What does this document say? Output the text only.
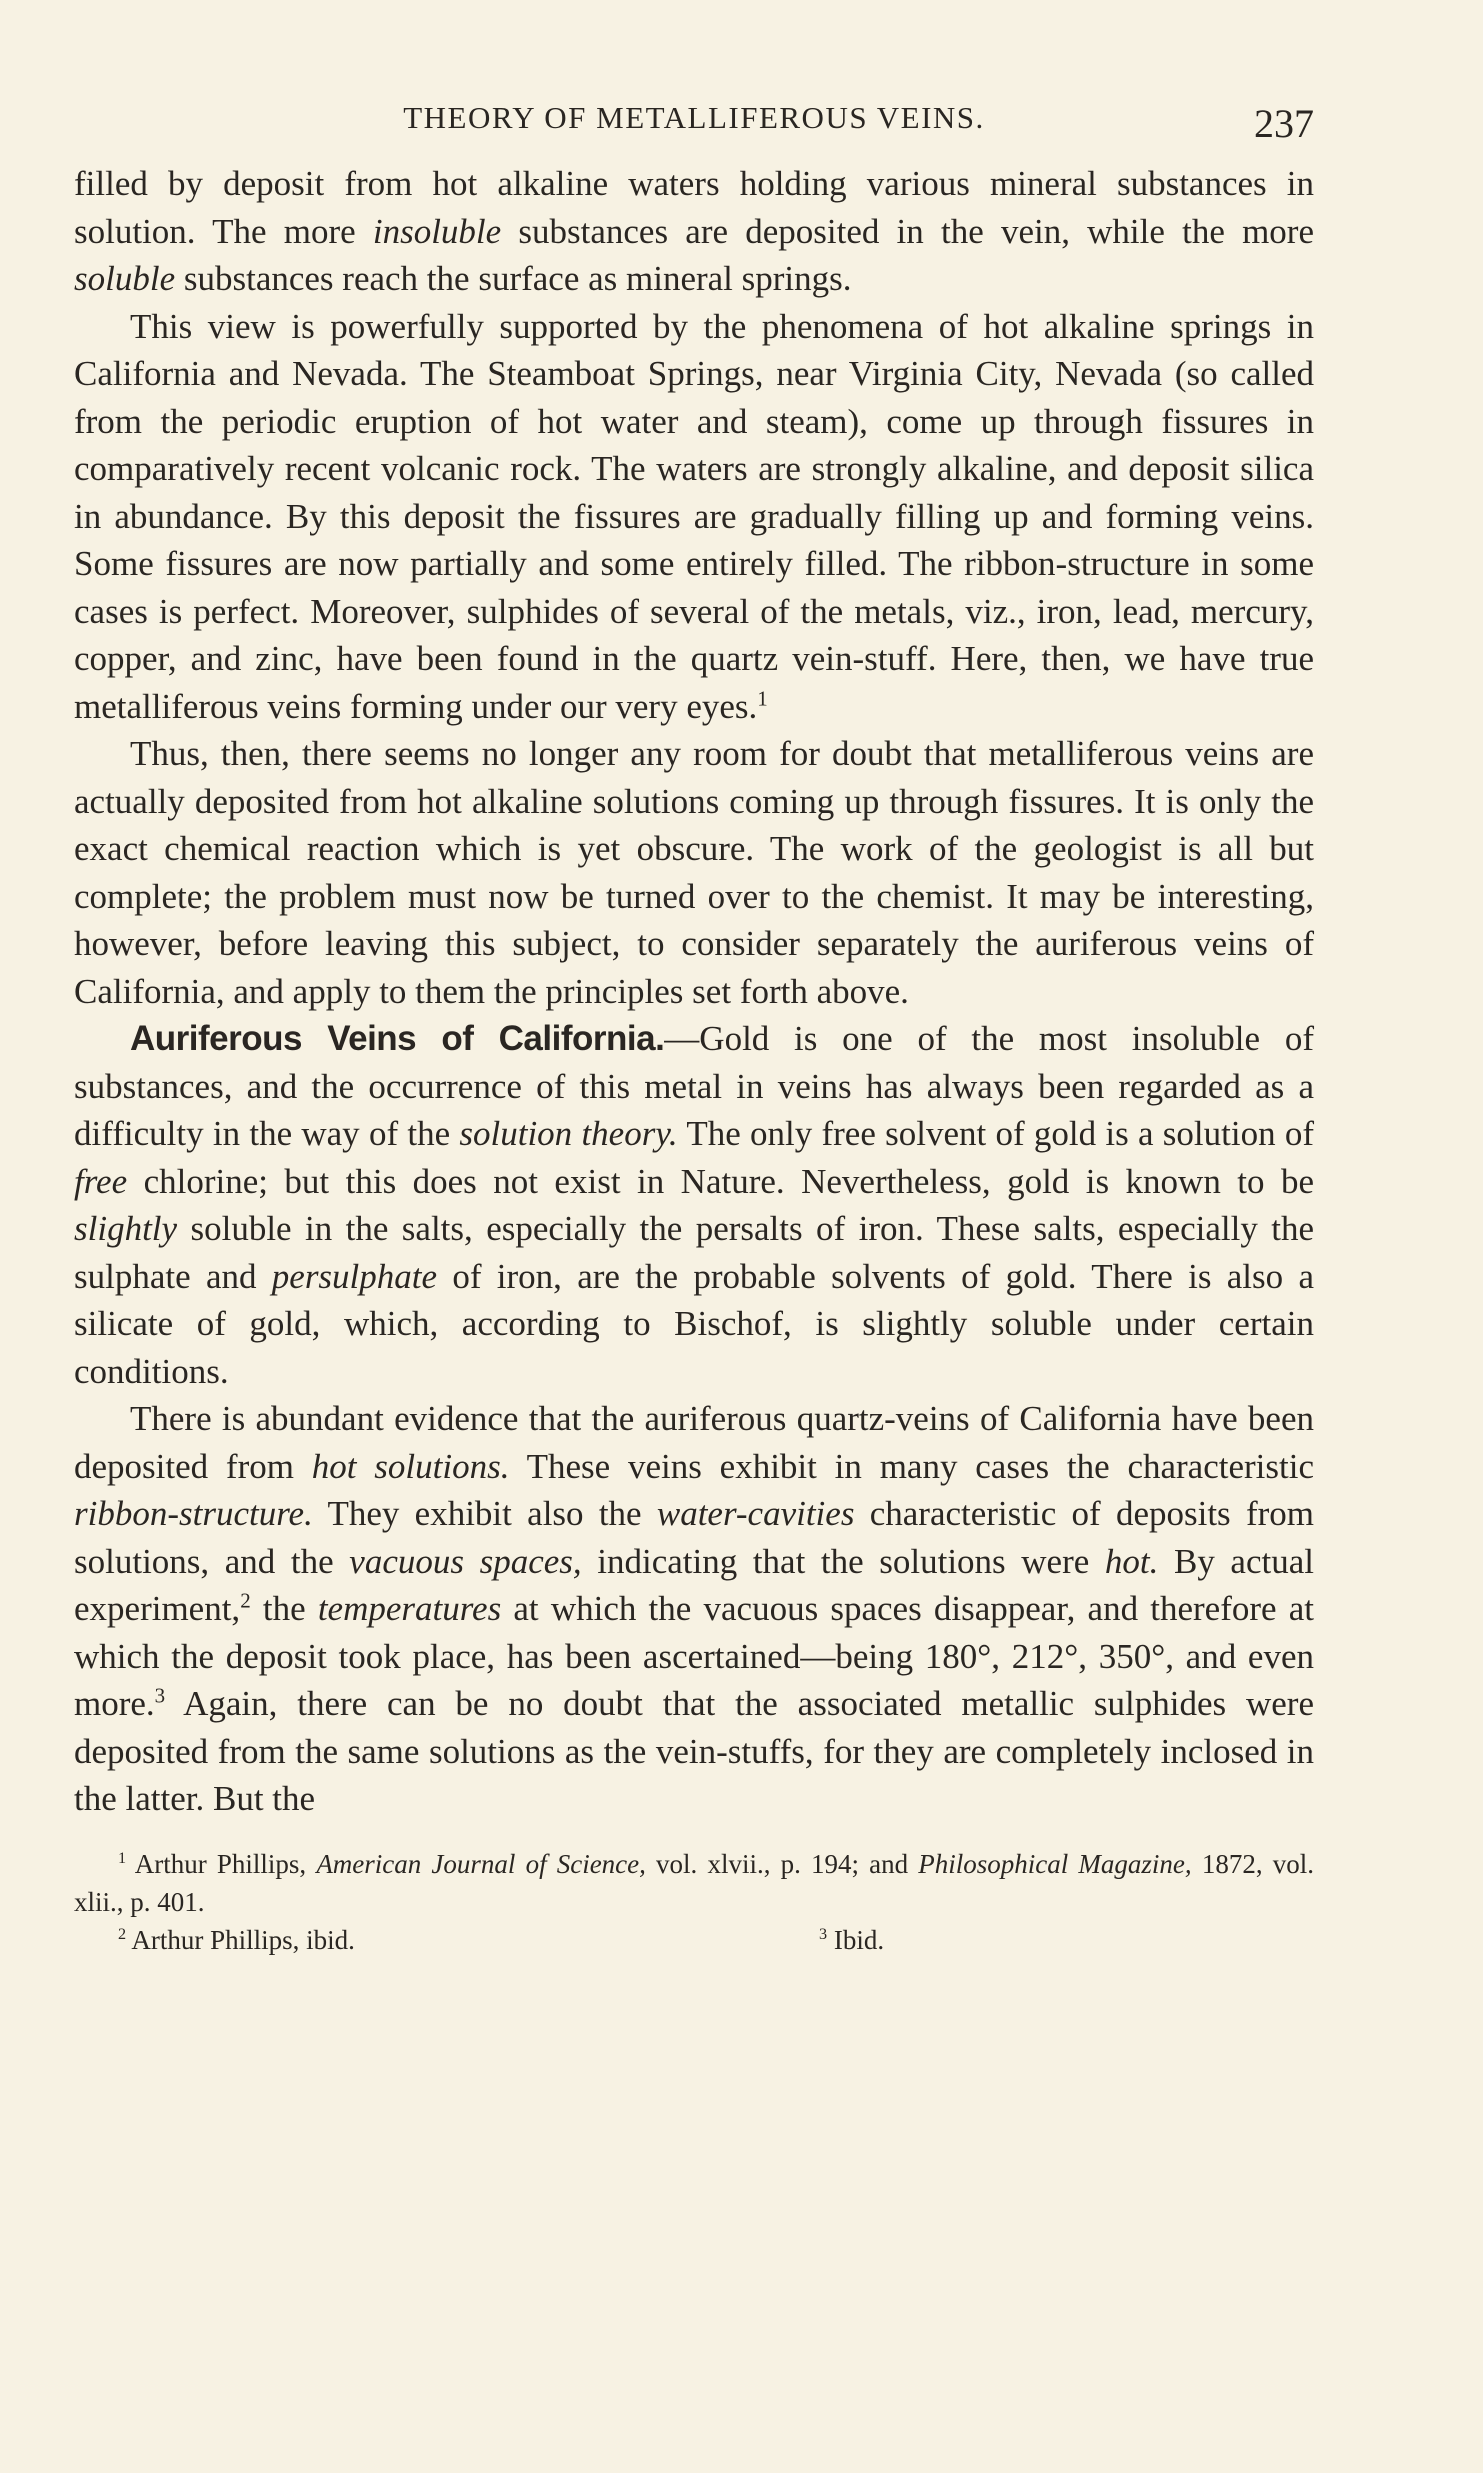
THEORY OF METALLIFEROUS VEINS.	237

filled by deposit from hot alkaline waters holding various mineral substances in solution. The more insoluble substances are deposited in the vein, while the more soluble substances reach the surface as mineral springs.

This view is powerfully supported by the phenomena of hot alkaline springs in California and Nevada. The Steamboat Springs, near Virginia City, Nevada (so called from the periodic eruption of hot water and steam), come up through fissures in comparatively recent volcanic rock. The waters are strongly alkaline, and deposit silica in abundance. By this deposit the fissures are gradually filling up and forming veins. Some fissures are now partially and some entirely filled. The ribbon-structure in some cases is perfect. Moreover, sulphides of several of the metals, viz., iron, lead, mercury, copper, and zinc, have been found in the quartz vein-stuff. Here, then, we have true metalliferous veins forming under our very eyes.$^1$

Thus, then, there seems no longer any room for doubt that metalliferous veins are actually deposited from hot alkaline solutions coming up through fissures. It is only the exact chemical reaction which is yet obscure. The work of the geologist is all but complete; the problem must now be turned over to the chemist. It may be interesting, however, before leaving this subject, to consider separately the auriferous veins of California, and apply to them the principles set forth above.

Auriferous Veins of California.—Gold is one of the most insoluble of substances, and the occurrence of this metal in veins has always been regarded as a difficulty in the way of the solution theory. The only free solvent of gold is a solution of free chlorine; but this does not exist in Nature. Nevertheless, gold is known to be slightly soluble in the salts, especially the persalts of iron. These salts, especially the sulphate and persulphate of iron, are the probable solvents of gold. There is also a silicate of gold, which, according to Bischof, is slightly soluble under certain conditions.

There is abundant evidence that the auriferous quartz-veins of California have been deposited from hot solutions. These veins exhibit in many cases the characteristic ribbon-structure. They exhibit also the water-cavities characteristic of deposits from solutions, and the vacuous spaces, indicating that the solutions were hot. By actual experiment,$^2$ the temperatures at which the vacuous spaces disappear, and therefore at which the deposit took place, has been ascertained—being 180°, 212°, 350°, and even more.$^3$ Again, there can be no doubt that the associated metallic sulphides were deposited from the same solutions as the vein-stuffs, for they are completely inclosed in the latter. But the

$^1$ Arthur Phillips, American Journal of Science, vol. xlvii., p. 194; and Philosophical Magazine, 1872, vol. xlii., p. 401.

$^2$ Arthur Phillips, ibid.	$^3$ Ibid.
